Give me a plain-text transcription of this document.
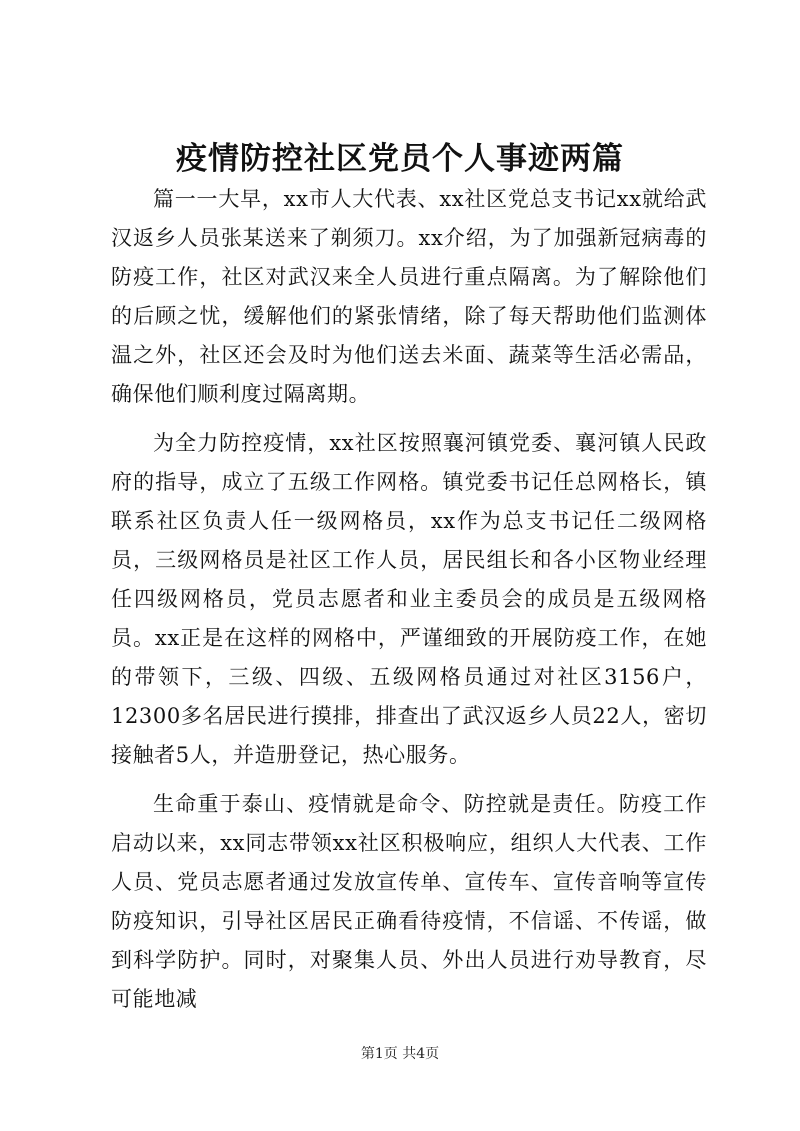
疫情防控社区党员个人事迹两篇

篇一一大早，xx市人大代表、xx社区党总支书记xx就给武汉返乡人员张某送来了剃须刀。xx介绍，为了加强新冠病毒的防疫工作，社区对武汉来全人员进行重点隔离。为了解除他们的后顾之忧，缓解他们的紧张情绪，除了每天帮助他们监测体温之外，社区还会及时为他们送去米面、蔬菜等生活必需品，确保他们顺利度过隔离期。

为全力防控疫情，xx社区按照襄河镇党委、襄河镇人民政府的指导，成立了五级工作网格。镇党委书记任总网格长，镇联系社区负责人任一级网格员，xx作为总支书记任二级网格员，三级网格员是社区工作人员，居民组长和各小区物业经理任四级网格员，党员志愿者和业主委员会的成员是五级网格员。xx正是在这样的网格中，严谨细致的开展防疫工作，在她的带领下，三级、四级、五级网格员通过对社区3156户，12300多名居民进行摸排，排查出了武汉返乡人员22人，密切接触者5人，并造册登记，热心服务。

生命重于泰山、疫情就是命令、防控就是责任。防疫工作启动以来，xx同志带领xx社区积极响应，组织人大代表、工作人员、党员志愿者通过发放宣传单、宣传车、宣传音响等宣传防疫知识，引导社区居民正确看待疫情，不信谣、不传谣，做到科学防护。同时，对聚集人员、外出人员进行劝导教育，尽可能地减

第1页 共4页
